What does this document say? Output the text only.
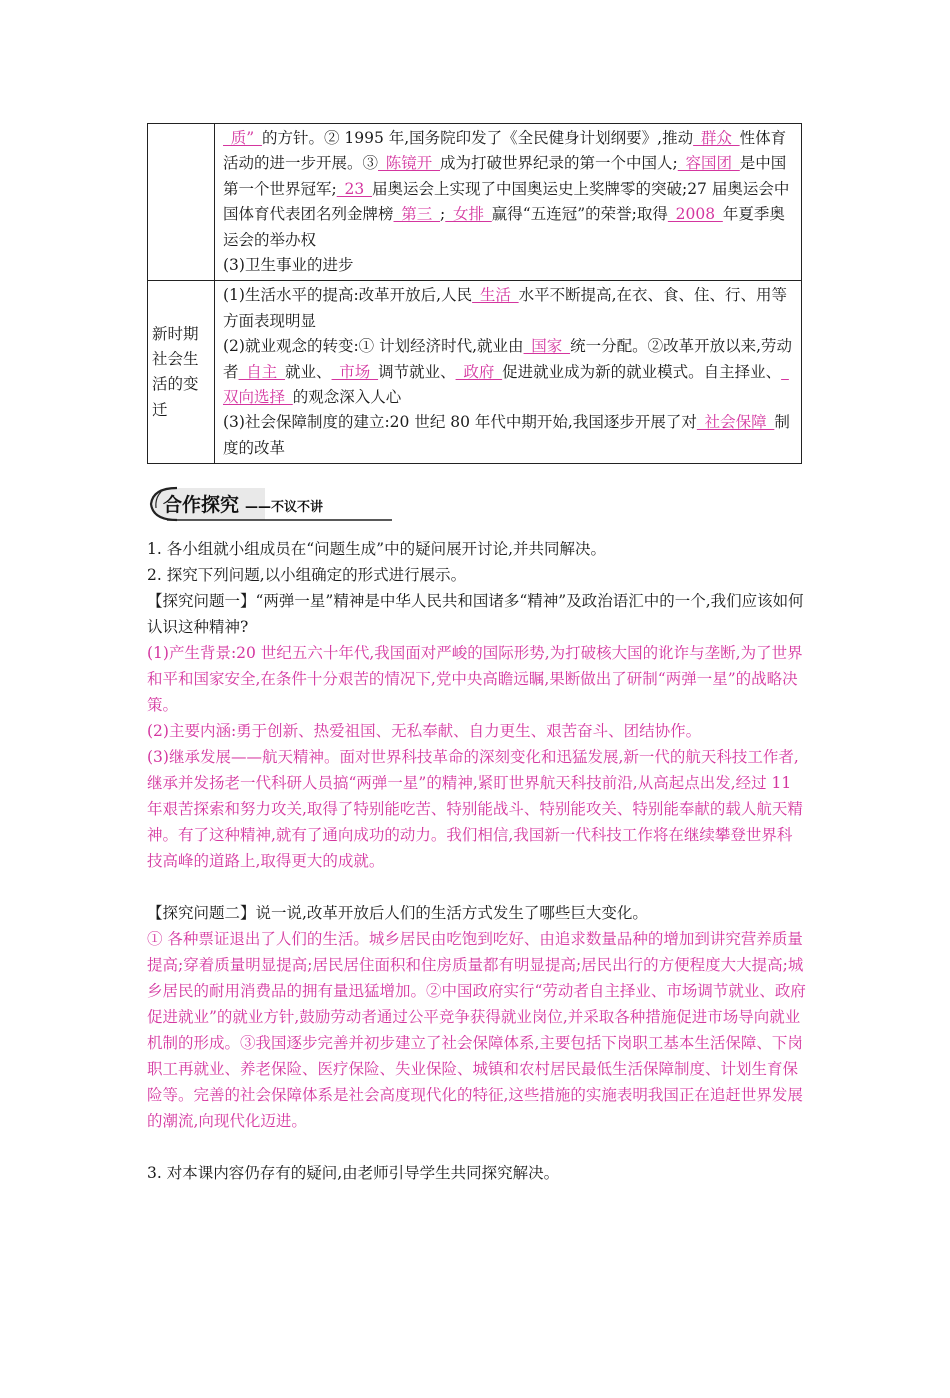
	 质” 的方针。② 1995 年,国务院印发了《全民健身计划纲要》,推动 群众 性体育活动的进一步开展。③ 陈镜开 成为打破世界纪录的第一个中国人; 容国团 是中国第一个世界冠军; 23 届奥运会上实现了中国奥运史上奖牌零的突破;27 届奥运会中国体育代表团名列金牌榜 第三 ; 女排 赢得“五连冠”的荣誉;取得 2008 年夏季奥运会的举办权
(3)卫生事业的进步

新时期社会生活的变迁	(1)生活水平的提高:改革开放后,人民 生活 水平不断提高,在衣、食、住、行、用等方面表现明显
(2)就业观念的转变:① 计划经济时代,就业由 国家 统一分配。②改革开放以来,劳动者 自主 就业、 市场 调节就业、 政府 促进就业成为新的就业模式。自主择业、 双向选择 的观念深入人心
(3)社会保障制度的建立:20 世纪 80 年代中期开始,我国逐步开展了对 社会保障 制度的改革
合作探究 ——不议不讲

1. 各小组就小组成员在“问题生成”中的疑问展开讨论,并共同解决。

2. 探究下列问题,以小组确定的形式进行展示。

【探究问题一】“两弹一星”精神是中华人民共和国诸多“精神”及政治语汇中的一个,我们应该如何认识这种精神?

(1)产生背景:20 世纪五六十年代,我国面对严峻的国际形势,为打破核大国的讹诈与垄断,为了世界和平和国家安全,在条件十分艰苦的情况下,党中央高瞻远瞩,果断做出了研制“两弹一星”的战略决策。

(2)主要内涵:勇于创新、热爱祖国、无私奉献、自力更生、艰苦奋斗、团结协作。

(3)继承发展——航天精神。面对世界科技革命的深刻变化和迅猛发展,新一代的航天科技工作者,继承并发扬老一代科研人员搞“两弹一星”的精神,紧盯世界航天科技前沿,从高起点出发,经过 11 年艰苦探索和努力攻关,取得了特别能吃苦、特别能战斗、特别能攻关、特别能奉献的载人航天精神。有了这种精神,就有了通向成功的动力。我们相信,我国新一代科技工作将在继续攀登世界科技高峰的道路上,取得更大的成就。

【探究问题二】说一说,改革开放后人们的生活方式发生了哪些巨大变化。

① 各种票证退出了人们的生活。城乡居民由吃饱到吃好、由追求数量品种的增加到讲究营养质量提高;穿着质量明显提高;居民居住面积和住房质量都有明显提高;居民出行的方便程度大大提高;城乡居民的耐用消费品的拥有量迅猛增加。②中国政府实行“劳动者自主择业、市场调节就业、政府促进就业”的就业方针,鼓励劳动者通过公平竞争获得就业岗位,并采取各种措施促进市场导向就业机制的形成。③我国逐步完善并初步建立了社会保障体系,主要包括下岗职工基本生活保障、下岗职工再就业、养老保险、医疗保险、失业保险、城镇和农村居民最低生活保障制度、计划生育保险等。完善的社会保障体系是社会高度现代化的特征,这些措施的实施表明我国正在追赶世界发展的潮流,向现代化迈进。

3. 对本课内容仍存有的疑问,由老师引导学生共同探究解决。
